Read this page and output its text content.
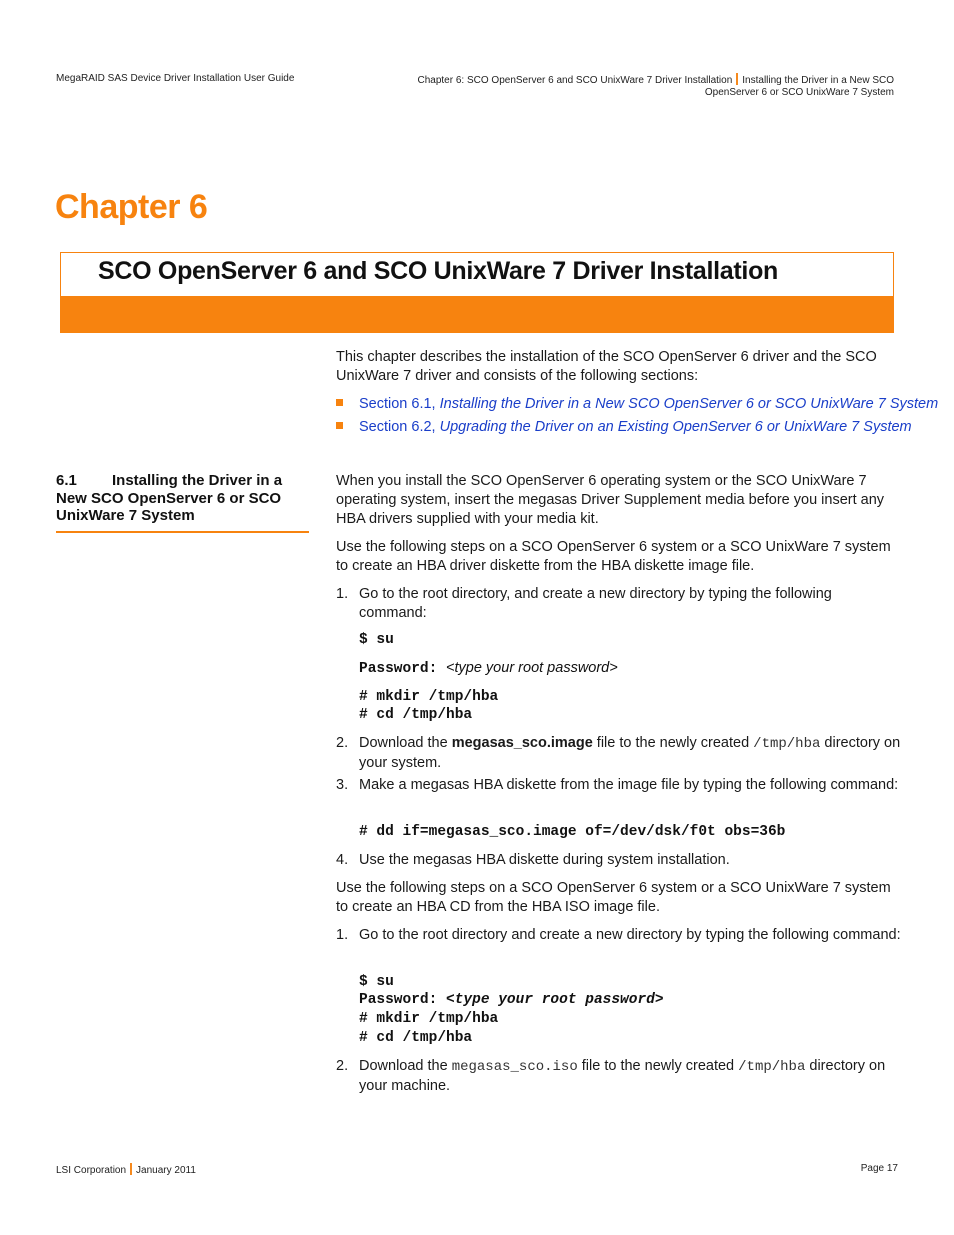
MegaRAID SAS Device Driver Installation User Guide	Chapter 6: SCO OpenServer 6 and SCO UnixWare 7 Driver Installation Installing the Driver in a New SCO
OpenServer 6 or SCO UnixWare 7 System
Chapter 6
SCO OpenServer 6 and SCO UnixWare 7 Driver Installation

This chapter describes the installation of the SCO OpenServer 6 driver and the SCO UnixWare 7 driver and consists of the following sections:

Section 6.1, Installing the Driver in a New SCO OpenServer 6 or SCO UnixWare 7 System
Section 6.2, Upgrading the Driver on an Existing OpenServer 6 or UnixWare 7 System
6.1 Installing the Driver in a
New SCO OpenServer 6 or SCO
UnixWare 7 System

When you install the SCO OpenServer 6 operating system or the SCO UnixWare 7 operating system, insert the megasas Driver Supplement media before you insert any HBA drivers supplied with your media kit.

Use the following steps on a SCO OpenServer 6 system or a SCO UnixWare 7 system to create an HBA driver diskette from the HBA diskette image file.

1. Go to the root directory, and create a new directory by typing the following command:
$ su
Password: <type your root password>
# mkdir /tmp/hba
# cd /tmp/hba
2. Download the megasas_sco.image file to the newly created /tmp/hba directory on your system.
3. Make a megasas HBA diskette from the image file by typing the following command:
# dd if=megasas_sco.image of=/dev/dsk/f0t obs=36b
4. Use the megasas HBA diskette during system installation.

Use the following steps on a SCO OpenServer 6 system or a SCO UnixWare 7 system to create an HBA CD from the HBA ISO image file.

1. Go to the root directory and create a new directory by typing the following command:
$ su
Password: <type your root password>
# mkdir /tmp/hba
# cd /tmp/hba
2. Download the megasas_sco.iso file to the newly created /tmp/hba directory on your machine.
LSI Corporation January 2011	Page 17
